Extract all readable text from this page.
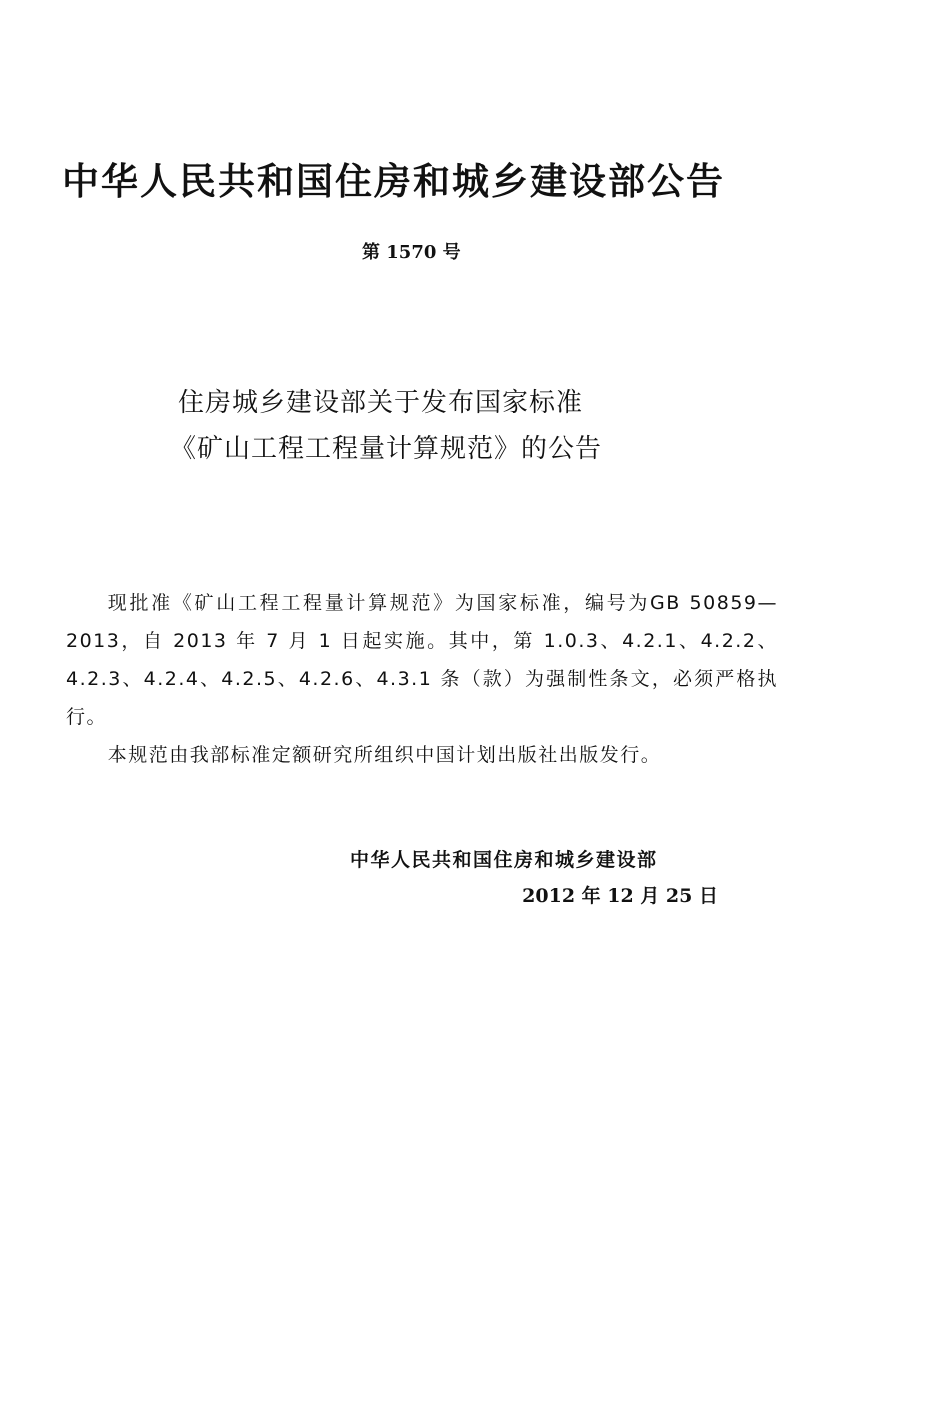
中华人民共和国住房和城乡建设部公告
第 1570 号
住房城乡建设部关于发布国家标准
《矿山工程工程量计算规范》的公告

现批准《矿山工程工程量计算规范》为国家标准，编号为GB 50859—2013，自 2013 年 7 月 1 日起实施。其中，第 1.0.3、4.2.1、4.2.2、4.2.3、4.2.4、4.2.5、4.2.6、4.3.1 条（款）为强制性条文，必须严格执行。

本规范由我部标准定额研究所组织中国计划出版社出版发行。

中华人民共和国住房和城乡建设部
2012 年 12 月 25 日
